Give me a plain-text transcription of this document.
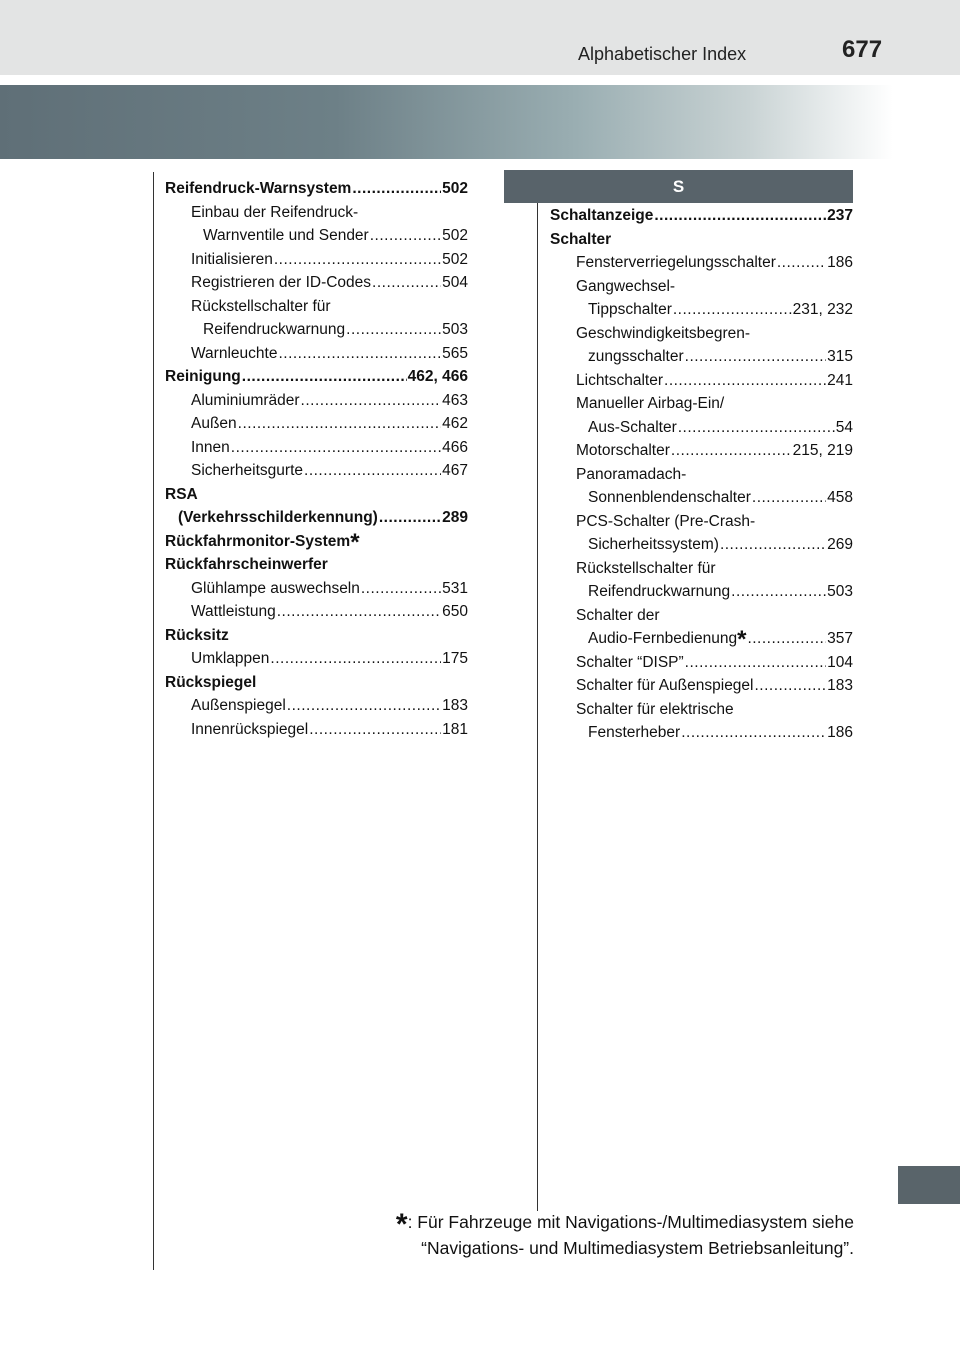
Alphabetischer Index	677
Reifendruck-Warnsystem .....	502
Einbau der Reifendruck-
Warnventile und Sender .....	502
Initialisieren .....	502
Registrieren der ID-Codes .....	504
Rückstellschalter für
Reifendruckwarnung .....	503
Warnleuchte .....	565
Reinigung .....	462, 466
Aluminiumräder .....	463
Außen .....	462
Innen .....	466
Sicherheitsgurte .....	467
RSA
(Verkehrsschilderkennung) .....	289
Rückfahrmonitor-System *
Rückfahrscheinwerfer
Glühlampe auswechseln .....	531
Wattleistung .....	650
Rücksitz
Umklappen .....	175
Rückspiegel
Außenspiegel .....	183
Innenrückspiegel .....	181
S
Schaltanzeige .....	237
Schalter
Fensterverriegelungsschalter .....	186
Gangwechsel-
Tippschalter .....	231, 232
Geschwindigkeitsbegren-
zungsschalter .....	315
Lichtschalter .....	241
Manueller Airbag-Ein/
Aus-Schalter .....	54
Motorschalter .....	215, 219
Panoramadach-
Sonnenblendenschalter .....	458
PCS-Schalter (Pre-Crash-
Sicherheitssystem) .....	269
Rückstellschalter für
Reifendruckwarnung .....	503
Schalter der
Audio-Fernbedienung * .....	357
Schalter “DISP” .....	104
Schalter für Außenspiegel .....	183
Schalter für elektrische
Fensterheber .....	186
*: Für Fahrzeuge mit Navigations-/Multimediasystem siehe
“Navigations- und Multimediasystem Betriebsanleitung”.
